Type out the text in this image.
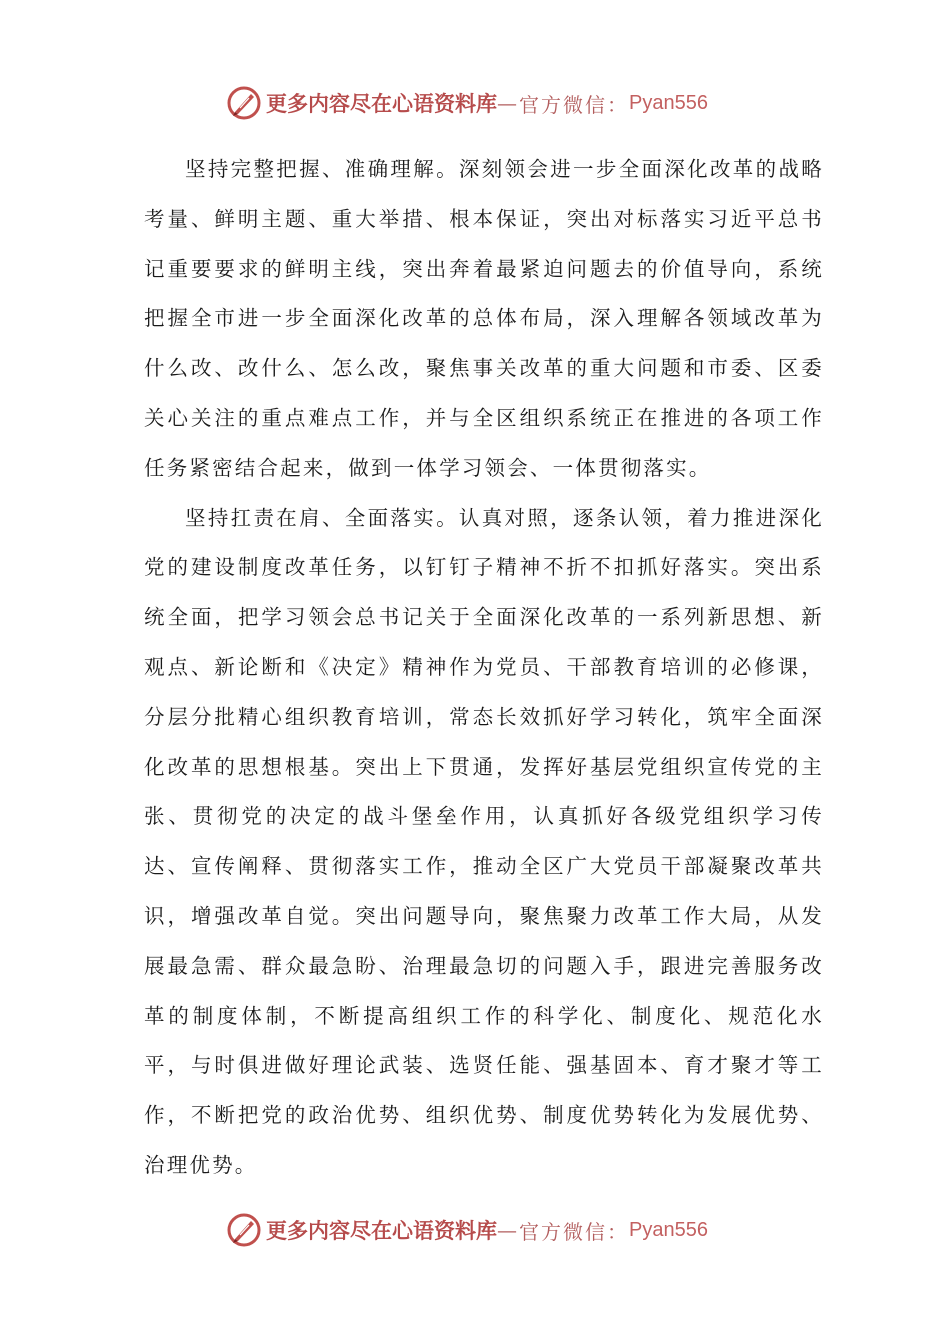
更多内容尽在心语资料库 — 官方微信： Pyan556

坚持完整把握、准确理解。深刻领会进一步全面深化改革的战略考量、鲜明主题、重大举措、根本保证，突出对标落实习近平总书记重要要求的鲜明主线，突出奔着最紧迫问题去的价值导向，系统把握全市进一步全面深化改革的总体布局，深入理解各领域改革为什么改、改什么、怎么改，聚焦事关改革的重大问题和市委、区委关心关注的重点难点工作，并与全区组织系统正在推进的各项工作任务紧密结合起来，做到一体学习领会、一体贯彻落实。

坚持扛责在肩、全面落实。认真对照，逐条认领，着力推进深化党的建设制度改革任务，以钉钉子精神不折不扣抓好落实。突出系统全面，把学习领会总书记关于全面深化改革的一系列新思想、新观点、新论断和《决定》精神作为党员、干部教育培训的必修课，分层分批精心组织教育培训，常态长效抓好学习转化，筑牢全面深化改革的思想根基。突出上下贯通，发挥好基层党组织宣传党的主张、贯彻党的决定的战斗堡垒作用，认真抓好各级党组织学习传达、宣传阐释、贯彻落实工作，推动全区广大党员干部凝聚改革共识，增强改革自觉。突出问题导向，聚焦聚力改革工作大局，从发展最急需、群众最急盼、治理最急切的问题入手，跟进完善服务改革的制度体制，不断提高组织工作的科学化、制度化、规范化水平，与时俱进做好理论武装、选贤任能、强基固本、育才聚才等工作，不断把党的政治优势、组织优势、制度优势转化为发展优势、治理优势。

更多内容尽在心语资料库 — 官方微信： Pyan556
